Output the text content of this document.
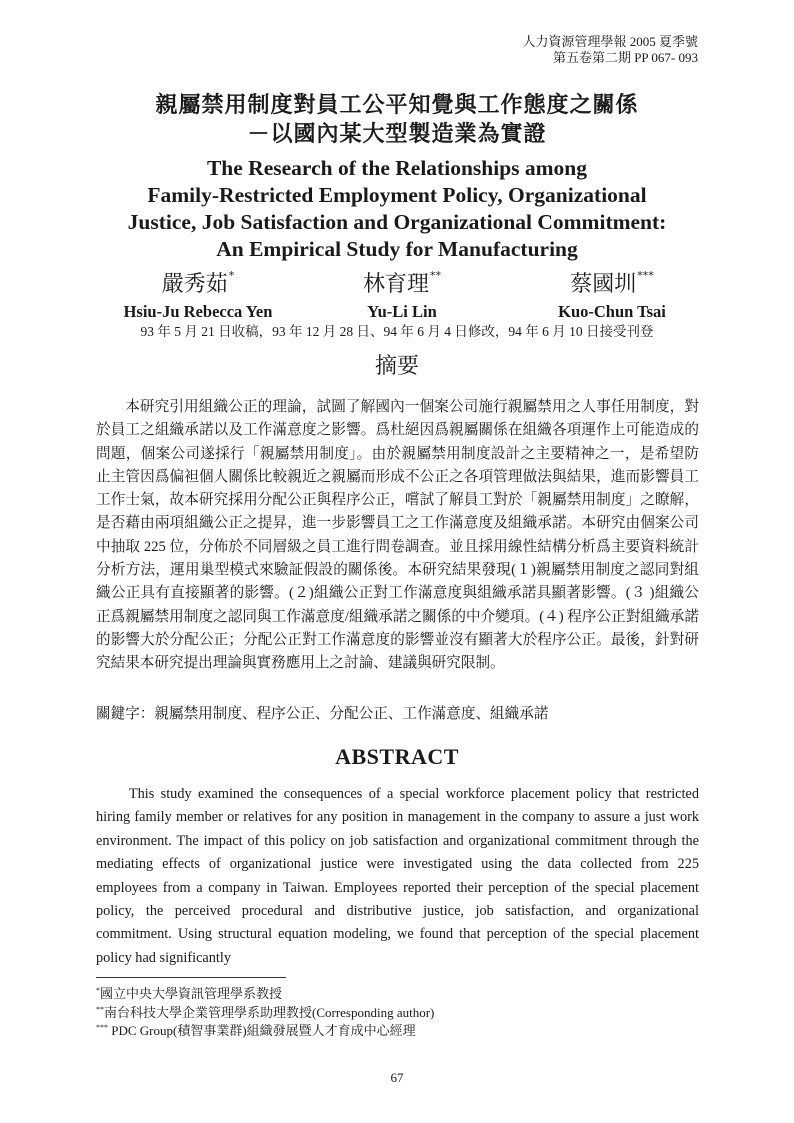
人力資源管理學報 2005 夏季號
第五卷第二期 PP 067- 093
親屬禁用制度對員工公平知覺與工作態度之關係
－以國內某大型製造業為實證
The Research of the Relationships among
Family-Restricted Employment Policy, Organizational
Justice, Job Satisfaction and Organizational Commitment:
An Empirical Study for Manufacturing
嚴秀茹*
Hsiu-Ju Rebecca Yen
林育理**
Yu-Li Lin
蔡國圳***
Kuo-Chun Tsai
93 年 5 月 21 日收稿，93 年 12 月 28 日、94 年 6 月 4 日修改，94 年 6 月 10 日接受刊登
摘要

本研究引用組織公正的理論，試圖了解國內一個案公司施行親屬禁用之人事任用制度，對於員工之組織承諾以及工作滿意度之影響。爲杜絕因爲親屬關係在組織各項運作上可能造成的問題，個案公司遂採行「親屬禁用制度」。由於親屬禁用制度設計之主要精神之一，是希望防止主管因爲偏袒個人關係比較親近之親屬而形成不公正之各項管理做法與結果，進而影響員工工作士氣，故本研究採用分配公正與程序公正，嚐試了解員工對於「親屬禁用制度」之瞭解，是否藉由兩項組織公正之提昇，進一步影響員工之工作滿意度及組織承諾。本研究由個案公司中抽取 225 位，分佈於不同層級之員工進行問卷調查。並且採用線性結構分析爲主要資料統計分析方法，運用巢型模式來驗証假設的關係後。本研究結果發現(１)親屬禁用制度之認同對組織公正具有直接顯著的影響。(２)組織公正對工作滿意度與組織承諾具顯著影響。(３ )組織公正爲親屬禁用制度之認同與工作滿意度/組織承諾之關係的中介變項。(４) 程序公正對組織承諾的影響大於分配公正；分配公正對工作滿意度的影響並沒有顯著大於程序公正。最後，針對研究結果本研究提出理論與實務應用上之討論、建議與研究限制。

關鍵字：親屬禁用制度、程序公正、分配公正、工作滿意度、組織承諾

ABSTRACT

This study examined the consequences of a special workforce placement policy that restricted hiring family member or relatives for any position in management in the company to assure a just work environment. The impact of this policy on job satisfaction and organizational commitment through the mediating effects of organizational justice were investigated using the data collected from 225 employees from a company in Taiwan. Employees reported their perception of the special placement policy, the perceived procedural and distributive justice, job satisfaction, and organizational commitment. Using structural equation modeling, we found that perception of the special placement policy had significantly

*國立中央大學資訊管理學系教授
**南台科技大學企業管理學系助理教授(Corresponding author)
*** PDC Group(積智事業群)組織發展暨人才育成中心經理
67
